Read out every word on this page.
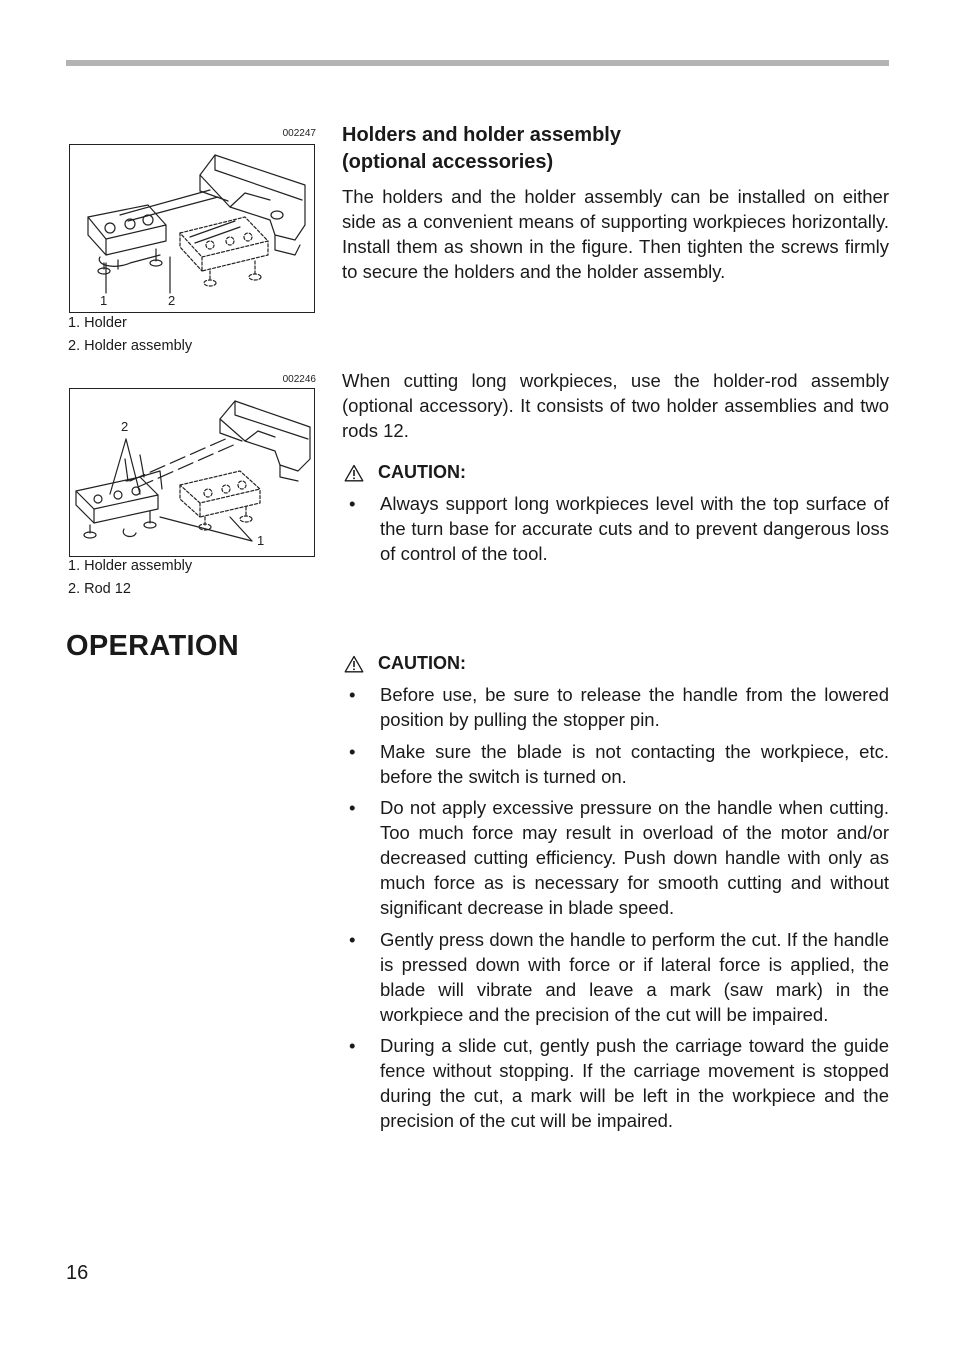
002247
1	2
1. Holder
2. Holder assembly
002246
2
1
1. Holder assembly
2. Rod 12
Holders and holder assembly
(optional accessories)
The holders and the holder assembly can be installed on either side as a convenient means of supporting workpieces horizontally. Install them as shown in the figure. Then tighten the screws firmly to secure the holders and the holder assembly.
When cutting long workpieces, use the holder-rod assembly (optional accessory). It consists of two holder assemblies and two rods 12.
CAUTION:
•	Always support long workpieces level with the top surface of the turn base for accurate cuts and to prevent dangerous loss of control of the tool.
OPERATION
CAUTION:
•	Before use, be sure to release the handle from the lowered position by pulling the stopper pin.
•	Make sure the blade is not contacting the workpiece, etc. before the switch is turned on.
•	Do not apply excessive pressure on the handle when cutting. Too much force may result in overload of the motor and/or decreased cutting efficiency. Push down handle with only as much force as is necessary for smooth cutting and without significant decrease in blade speed.
•	Gently press down the handle to perform the cut. If the handle is pressed down with force or if lateral force is applied, the blade will vibrate and leave a mark (saw mark) in the workpiece and the precision of the cut will be impaired.
•	During a slide cut, gently push the carriage toward the guide fence without stopping. If the carriage movement is stopped during the cut, a mark will be left in the workpiece and the precision of the cut will be impaired.
16
